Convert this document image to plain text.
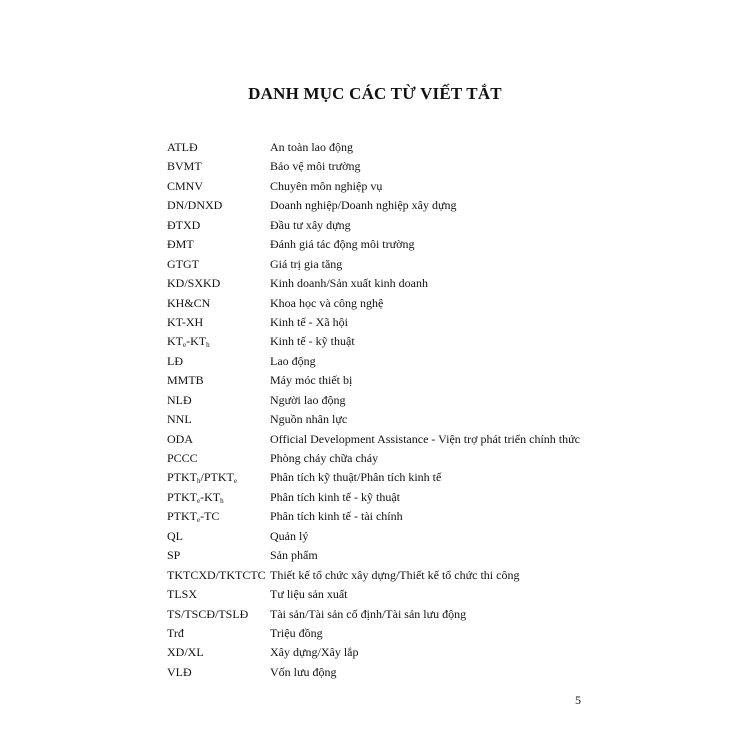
DANH MỤC CÁC TỪ VIẾT TẮT
ATLĐ	An toàn lao động
BVMT	Bảo vệ môi trường
CMNV	Chuyên môn nghiệp vụ
DN/DNXD	Doanh nghiệp/Doanh nghiệp xây dựng
ĐTXD	Đầu tư xây dựng
ĐMT	Đánh giá tác động môi trường
GTGT	Giá trị gia tăng
KD/SXKD	Kinh doanh/Sản xuất kinh doanh
KH&CN	Khoa học và công nghệ
KT-XH	Kinh tế - Xã hội
$KT_e-KT_h$	Kinh tế - kỹ thuật
LĐ	Lao động
MMTB	Máy móc thiết bị
NLĐ	Người lao động
NNL	Nguồn nhân lực
ODA	Official Development Assistance - Viện trợ phát triển chính thức
PCCC	Phòng cháy chữa cháy
$PTKT_h/PTKT_e$	Phân tích kỹ thuật/Phân tích kinh tế
$PTKT_e-KT_h$	Phân tích kinh tế - kỹ thuật
$PTKT_e-TC$	Phân tích kinh tế - tài chính
QL	Quản lý
SP	Sản phẩm
TKTCXD/TKTCTC Thiết kế tổ chức xây dựng/Thiết kế tổ chức thi công
TLSX	Tư liệu sản xuất
TS/TSCĐ/TSLĐ Tài sản/Tài sản cố định/Tài sản lưu động
Trđ	Triệu đồng
XD/XL	Xây dựng/Xây lắp
VLĐ	Vốn lưu động
5
